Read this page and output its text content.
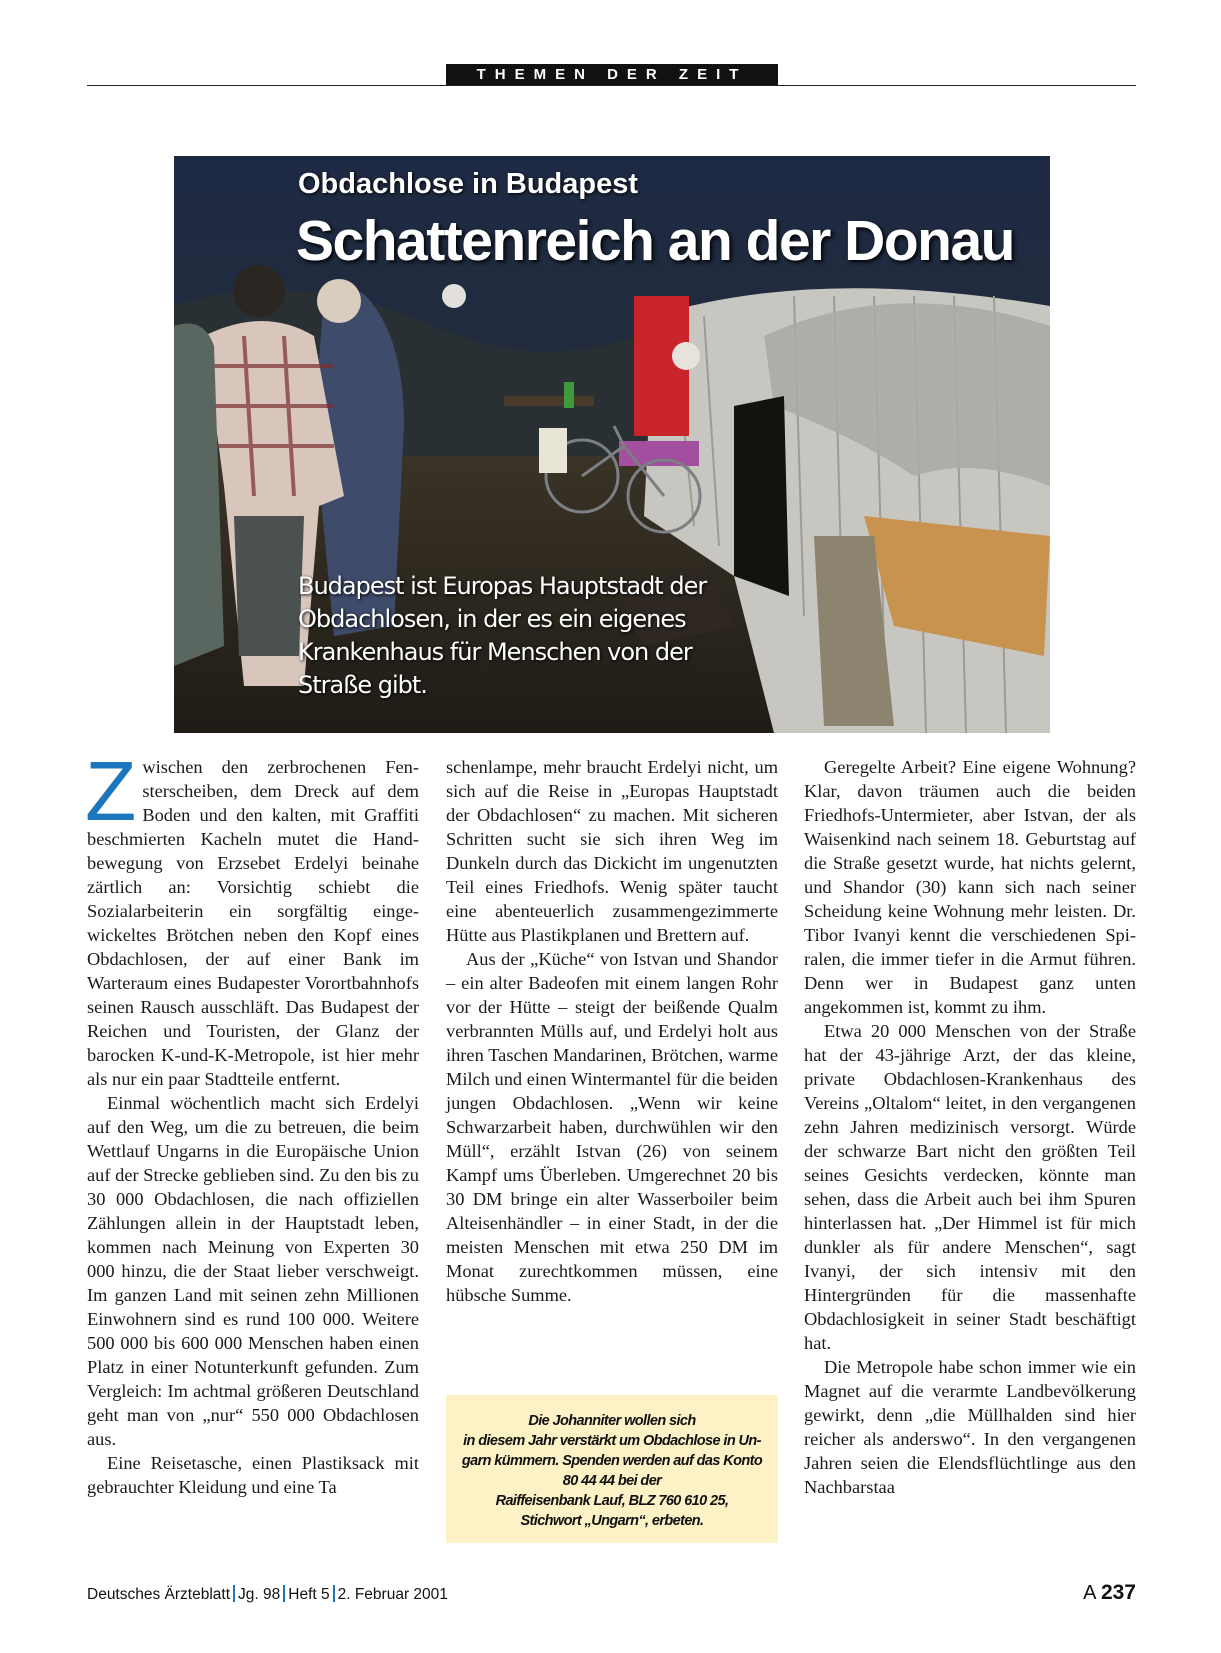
THEMEN DER ZEIT
Obdachlose in Budapest
Schattenreich an der Donau
Budapest ist Europas Hauptstadt der Obdachlosen, in der es ein eigenes Krankenhaus für Menschen von der Straße gibt.

Zwischen den zerbrochenen Fensterscheiben, dem Dreck auf dem Boden und den kalten, mit Graffiti beschmierten Kacheln mutet die Handbewegung von Erzsebet Erdelyi beinahe zärtlich an: Vorsichtig schiebt die Sozialarbeiterin ein sorgfältig eingewickeltes Brötchen neben den Kopf eines Obdachlosen, der auf einer Bank im Warteraum eines Budapester Vorortbahnhofs seinen Rausch ausschläft. Das Budapest der Reichen und Touristen, der Glanz der barocken K-und-K-Metropole, ist hier mehr als nur ein paar Stadtteile entfernt.

Einmal wöchentlich macht sich Erdelyi auf den Weg, um die zu betreuen, die beim Wettlauf Ungarns in die Europäische Union auf der Strecke geblieben sind. Zu den bis zu 30 000 Obdachlosen, die nach offiziellen Zählungen allein in der Hauptstadt leben, kommen nach Meinung von Experten 30 000 hinzu, die der Staat lieber verschweigt. Im ganzen Land mit seinen zehn Millionen Einwohnern sind es rund 100 000. Weitere 500 000 bis 600 000 Menschen haben einen Platz in einer Notunterkunft gefunden. Zum Vergleich: Im achtmal größeren Deutschland geht man von „nur“ 550 000 Obdachlosen aus.

Eine Reisetasche, einen Plastiksack mit gebrauchter Kleidung und eine Ta

schenlampe, mehr braucht Erdelyi nicht, um sich auf die Reise in „Europas Hauptstadt der Obdachlosen“ zu machen. Mit sicheren Schritten sucht sie sich ihren Weg im Dunkeln durch das Dickicht im ungenutzten Teil eines Friedhofs. Wenig später taucht eine abenteuerlich zusammengezimmerte Hütte aus Plastikplanen und Brettern auf.

Aus der „Küche“ von Istvan und Shandor – ein alter Badeofen mit einem langen Rohr vor der Hütte – steigt der beißende Qualm verbrannten Mülls auf, und Erdelyi holt aus ihren Taschen Mandarinen, Brötchen, warme Milch und einen Wintermantel für die beiden jungen Obdachlosen. „Wenn wir keine Schwarzarbeit haben, durchwühlen wir den Müll“, erzählt Istvan (26) von seinem Kampf ums Überleben. Umgerechnet 20 bis 30 DM bringe ein alter Wasserboiler beim Alteisenhändler – in einer Stadt, in der die meisten Menschen mit etwa 250 DM im Monat zurechtkommen müssen, eine hübsche Summe.

Die Johanniter wollen sich
in diesem Jahr verstärkt um Obdachlose in Un-
garn kümmern. Spenden werden auf das Konto
80 44 44 bei der
Raiffeisenbank Lauf, BLZ 760 610 25,
Stichwort „Ungarn“, erbeten.

Geregelte Arbeit? Eine eigene Wohnung? Klar, davon träumen auch die beiden Friedhofs-Untermieter, aber Istvan, der als Waisenkind nach seinem 18. Geburtstag auf die Straße gesetzt wurde, hat nichts gelernt, und Shandor (30) kann sich nach seiner Scheidung keine Wohnung mehr leisten. Dr. Tibor Ivanyi kennt die verschiedenen Spiralen, die immer tiefer in die Armut führen. Denn wer in Budapest ganz unten angekommen ist, kommt zu ihm.

Etwa 20 000 Menschen von der Straße hat der 43-jährige Arzt, der das kleine, private Obdachlosen-Krankenhaus des Vereins „Oltalom“ leitet, in den vergangenen zehn Jahren medizinisch versorgt. Würde der schwarze Bart nicht den größten Teil seines Gesichts verdecken, könnte man sehen, dass die Arbeit auch bei ihm Spuren hinterlassen hat. „Der Himmel ist für mich dunkler als für andere Menschen“, sagt Ivanyi, der sich intensiv mit den Hintergründen für die massenhafte Obdachlosigkeit in seiner Stadt beschäftigt hat.

Die Metropole habe schon immer wie ein Magnet auf die verarmte Landbevölkerung gewirkt, denn „die Müllhalden sind hier reicher als anderswo“. In den vergangenen Jahren seien die Elendsflüchtlinge aus den Nachbarstaa

Deutsches Ärzteblatt Jg. 98 Heft 5 2. Februar 2001	A 237
